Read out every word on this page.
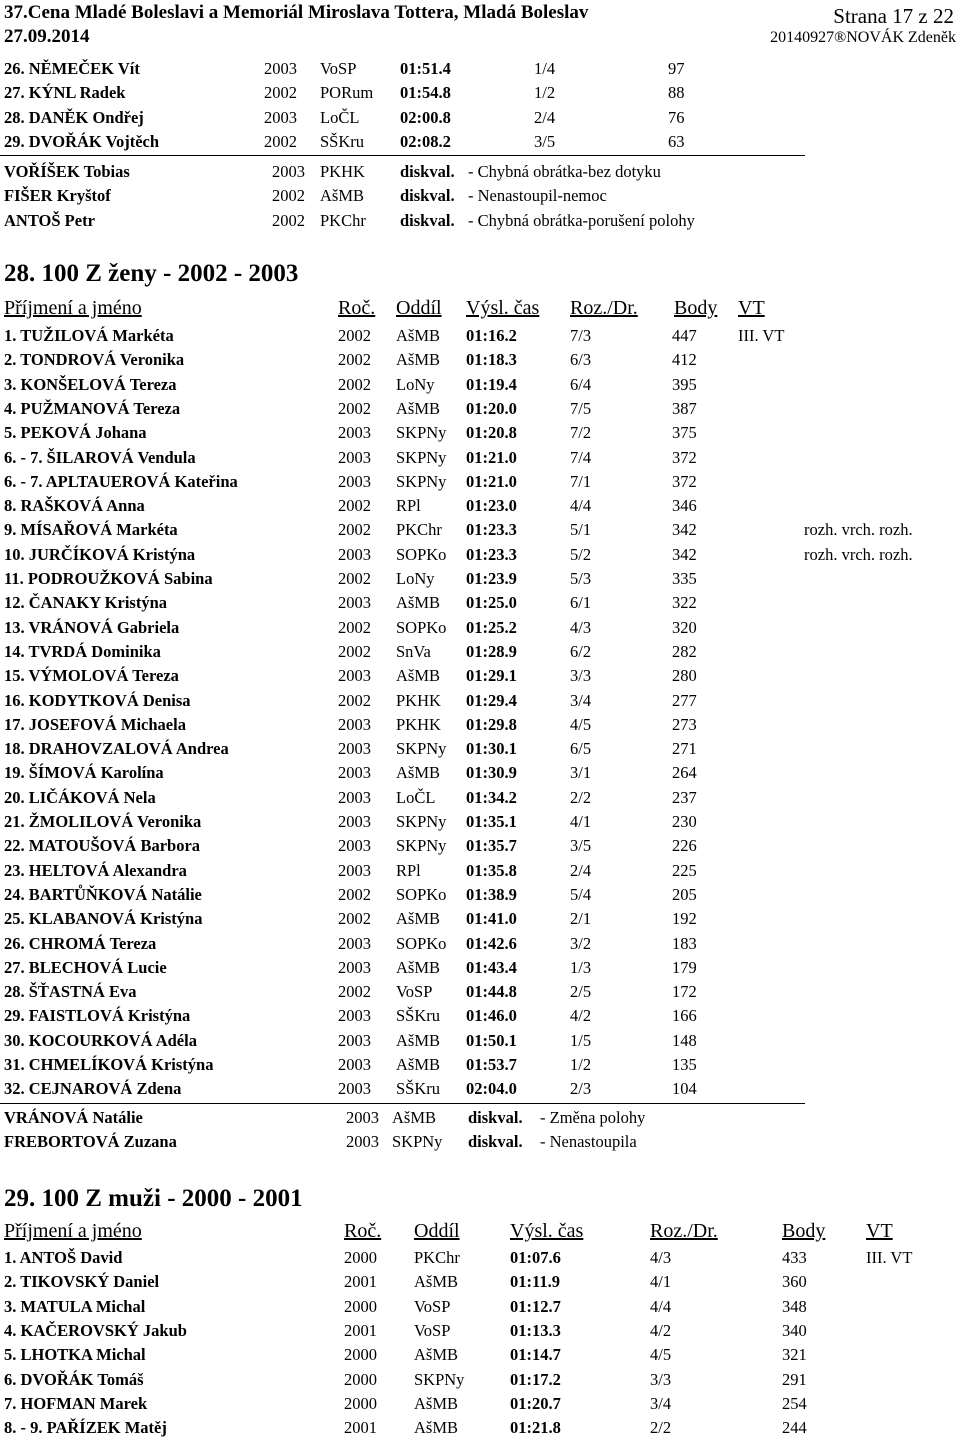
37.Cena Mladé Boleslavi a Memoriál Miroslava Tottera, Mladá Boleslav
27.09.2014
Strana 17 z 22
20140927®NOVÁK Zdeněk
26. NĚMEČEK Vít	2003 VoSP	01:51.4	1/4	97
27. KÝNL Radek	2002 PORum 01:54.8	1/2	88
28. DANĚK Ondřej	2003 LoČL 02:00.8	2/4	76
29. DVOŘÁK Vojtěch	2002 SŠKru 02:08.2	3/5	63
VOŘÍŠEK Tobias	2003 PKHK diskval. - Chybná obrátka-bez dotyku
FIŠER Kryštof	2002 AšMB diskval. - Nenastoupil-nemoc
ANTOŠ Petr	2002 PKChr diskval. - Chybná obrátka-porušení polohy
28. 100 Z ženy - 2002 - 2003
Příjmení a jméno	Roč. Oddíl Výsl. čas Roz./Dr. Body VT
1. TUŽILOVÁ Markéta	2002 AšMB 01:16.2	7/3	447	III. VT
2. TONDROVÁ Veronika	2002 AšMB 01:18.3	6/3	412
3. KONŠELOVÁ Tereza	2002 LoNy 01:19.4	6/4	395
4. PUŽMANOVÁ Tereza	2002 AšMB 01:20.0	7/5	387
5. PEKOVÁ Johana	2003 SKPNy 01:20.8	7/2	375
6. - 7. ŠILAROVÁ Vendula	2003 SKPNy 01:21.0	7/4	372
6. - 7. APLTAUEROVÁ Kateřina	2003 SKPNy 01:21.0	7/1	372
8. RAŠKOVÁ Anna	2002 RPl	01:23.0	4/4	346
9. MÍSAŘOVÁ Markéta	2002 PKChr 01:23.3	5/1	342	rozh. vrch. rozh.
10. JURČÍKOVÁ Kristýna	2003 SOPKo 01:23.3	5/2	342	rozh. vrch. rozh.
11. PODROUŽKOVÁ Sabina	2002 LoNy 01:23.9	5/3	335
12. ČANAKY Kristýna	2003 AšMB 01:25.0	6/1	322
13. VRÁNOVÁ Gabriela	2002 SOPKo 01:25.2	4/3	320
14. TVRDÁ Dominika	2002 SnVa 01:28.9	6/2	282
15. VÝMOLOVÁ Tereza	2003 AšMB 01:29.1	3/3	280
16. KODYTKOVÁ Denisa	2002 PKHK 01:29.4	3/4	277
17. JOSEFOVÁ Michaela	2003 PKHK 01:29.8	4/5	273
18. DRAHOVZALOVÁ Andrea	2003 SKPNy 01:30.1	6/5	271
19. ŠÍMOVÁ Karolína	2003 AšMB 01:30.9	3/1	264
20. LIČÁKOVÁ Nela	2003 LoČL 01:34.2	2/2	237
21. ŽMOLILOVÁ Veronika	2003 SKPNy 01:35.1	4/1	230
22. MATOUŠOVÁ Barbora	2003 SKPNy 01:35.7	3/5	226
23. HELTOVÁ Alexandra	2003 RPl	01:35.8	2/4	225
24. BARTŮŇKOVÁ Natálie	2002 SOPKo 01:38.9	5/4	205
25. KLABANOVÁ Kristýna	2002 AšMB 01:41.0	2/1	192
26. CHROMÁ Tereza	2003 SOPKo 01:42.6	3/2	183
27. BLECHOVÁ Lucie	2003 AšMB 01:43.4	1/3	179
28. ŠŤASTNÁ Eva	2002 VoSP 01:44.8	2/5	172
29. FAISTLOVÁ Kristýna	2003 SŠKru 01:46.0	4/2	166
30. KOCOURKOVÁ Adéla	2003 AšMB 01:50.1	1/5	148
31. CHMELÍKOVÁ Kristýna	2003 AšMB 01:53.7	1/2	135
32. CEJNAROVÁ Zdena	2003 SŠKru 02:04.0	2/3	104
VRÁNOVÁ Natálie	2003 AšMB diskval. - Změna polohy
FREBORTOVÁ Zuzana	2003 SKPNy diskval. - Nenastoupila
29. 100 Z muži - 2000 - 2001
Příjmení a jméno	Roč. Oddíl	Výsl. čas	Roz./Dr.	Body VT
1. ANTOŠ David	2000 PKChr	01:07.6	4/3	433	III. VT
2. TIKOVSKÝ Daniel	2001 AšMB	01:11.9	4/1	360
3. MATULA Michal	2000 VoSP	01:12.7	4/4	348
4. KAČEROVSKÝ Jakub	2001 VoSP	01:13.3	4/2	340
5. LHOTKA Michal	2000 AšMB	01:14.7	4/5	321
6. DVOŘÁK Tomáš	2000 SKPNy	01:17.2	3/3	291
7. HOFMAN Marek	2000 AšMB	01:20.7	3/4	254
8. - 9. PAŘÍZEK Matěj	2001 AšMB	01:21.8	2/2	244
